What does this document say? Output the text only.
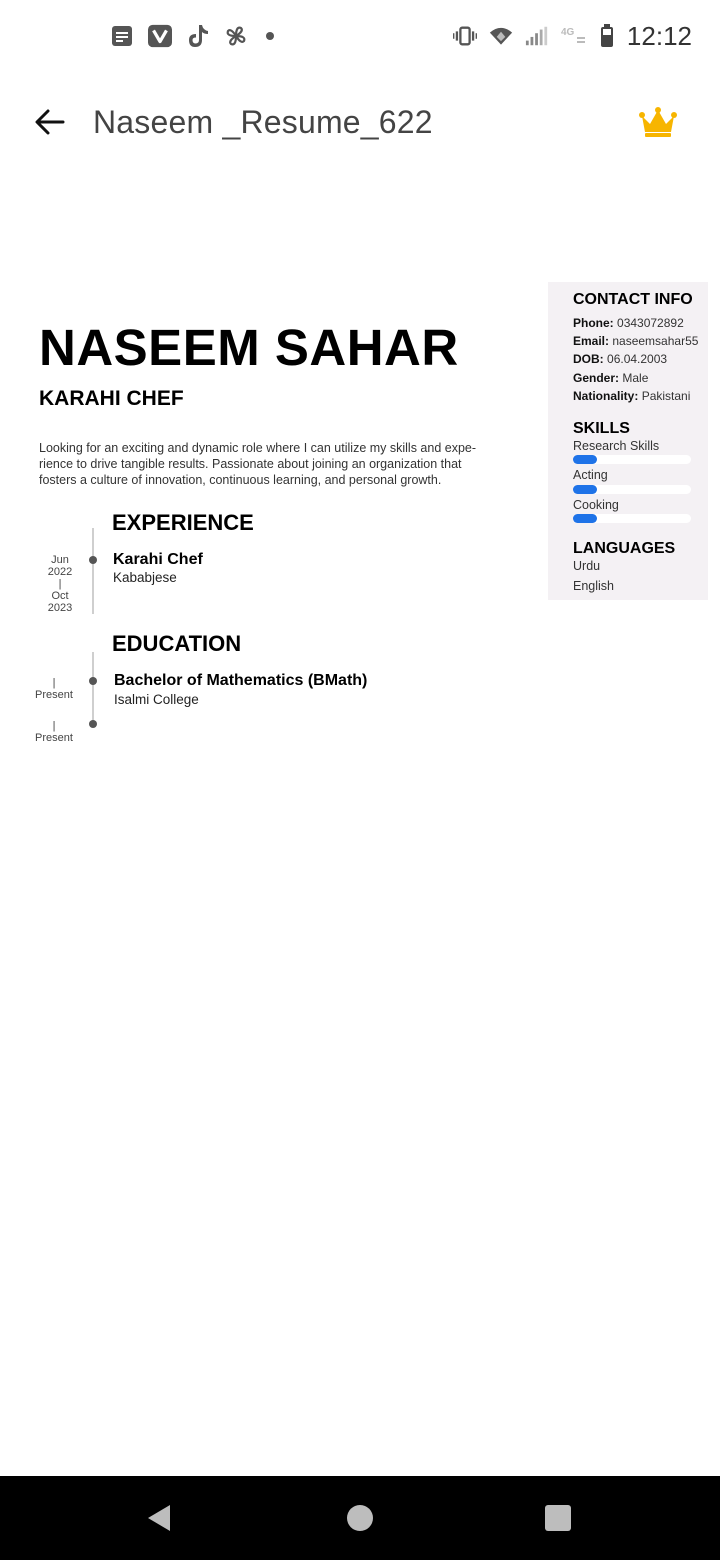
4G 12:12
Naseem _Resume_622
NASEEM SAHAR
KARAHI CHEF
Looking for an exciting and dynamic role where I can utilize my skills and expe-
rience to drive tangible results. Passionate about joining an organization that
fosters a culture of innovation, continuous learning, and personal growth.
EXPERIENCE
Jun
2022
|
Oct
2023
Karahi Chef
Kababjese
EDUCATION
|
Present
|
Present
Bachelor of Mathematics (BMath)
Isalmi College
CONTACT INFO
Phone: 0343072892
Email: naseemsahar55
DOB: 06.04.2003
Gender: Male
Nationality: Pakistani
SKILLS
Research Skills
Acting
Cooking
LANGUAGES
Urdu
English
